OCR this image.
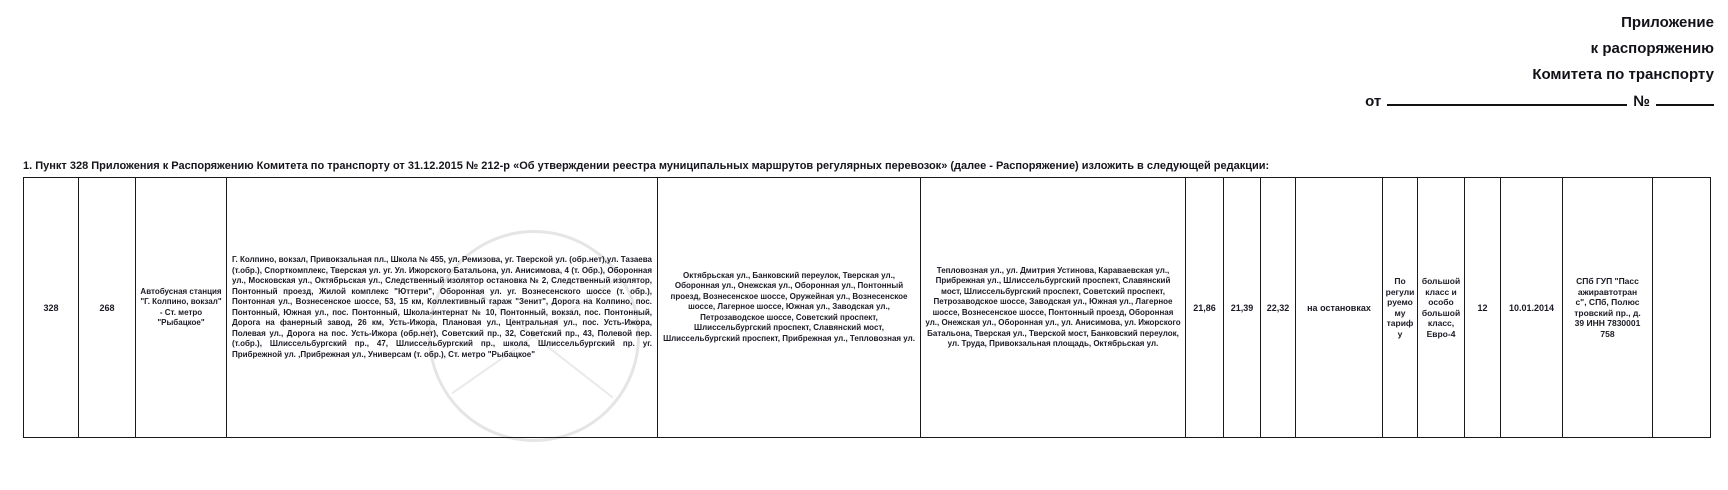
Приложение
к распоряжению
Комитета по транспорту
от	№
1. Пункт 328 Приложения к Распоряжению Комитета по транспорту от 31.12.2015 № 212-р «Об утверждении реестра муниципальных маршрутов регулярных перевозок» (далее - Распоряжение) изложить в следующей редакции:
328	268	Автобусная станция "Г. Колпино, вокзал" - Ст. метро "Рыбацкое"	Г. Колпино, вокзал, Привокзальная пл., Школа № 455, ул. Ремизова, уг. Тверской ул. (обр.нет),ул. Тазаева (т.обр.), Спорткомплекс, Тверская ул. уг. Ул. Ижорского Батальона, ул. Анисимова, 4 (т. Обр.), Оборонная ул., Московская ул., Октябрьская ул., Следственный изолятор остановка № 2, Следственный изолятор, Понтонный проезд, Жилой комплекс "Юттери", Оборонная ул. уг. Вознесенского шоссе (т. обр.), Понтонная ул., Вознесенское шоссе, 53, 15 км, Коллективный гараж "Зенит", Дорога на Колпино, пос. Понтонный, Южная ул., пос. Понтонный, Школа-интернат № 10, Понтонный, вокзал, пос. Понтонный, Дорога на фанерный завод, 26 км, Усть-Ижора, Плановая ул., Центральная ул., пос. Усть-Ижора, Полевая ул., Дорога на пос. Усть-Ижора (обр.нет), Советский пр., 32, Советский пр., 43, Полевой пер. (т.обр.), Шлиссельбургский пр., 47, Шлиссельбургский пр., школа, Шлиссельбургский пр. уг. Прибрежной ул. ,Прибрежная ул., Универсам (т. обр.), Ст. метро "Рыбацкое"	Октябрьская ул., Банковский переулок, Тверская ул., Оборонная ул., Онежская ул., Оборонная ул., Понтонный проезд, Вознесенское шоссе, Оружейная ул., Вознесенское шоссе, Лагерное шоссе, Южная ул., Заводская ул., Петрозаводское шоссе, Советский проспект, Шлиссельбургский проспект, Славянский мост, Шлиссельбургский проспект, Прибрежная ул., Тепловозная ул.	Тепловозная ул., ул. Дмитрия Устинова, Караваевская ул., Прибрежная ул., Шлиссельбургский проспект, Славянский мост, Шлиссельбургский проспект, Советский проспект, Петрозаводское шоссе, Заводская ул., Южная ул., Лагерное шоссе, Вознесенское шоссе, Понтонный проезд, Оборонная ул., Онежская ул., Оборонная ул., ул. Анисимова, ул. Ижорского Батальона, Тверская ул., Тверской мост, Банковский переулок, ул. Труда, Привокзальная площадь, Октябрьская ул.	21,86	21,39	22,32	на остановках	По регулируемому тарифу	большой класс и особо большой класс, Евро-4	12	10.01.2014	СПб ГУП "Пассажиравтотранс", СПб, Полюстровский пр., д.39 ИНН 7830001758	
